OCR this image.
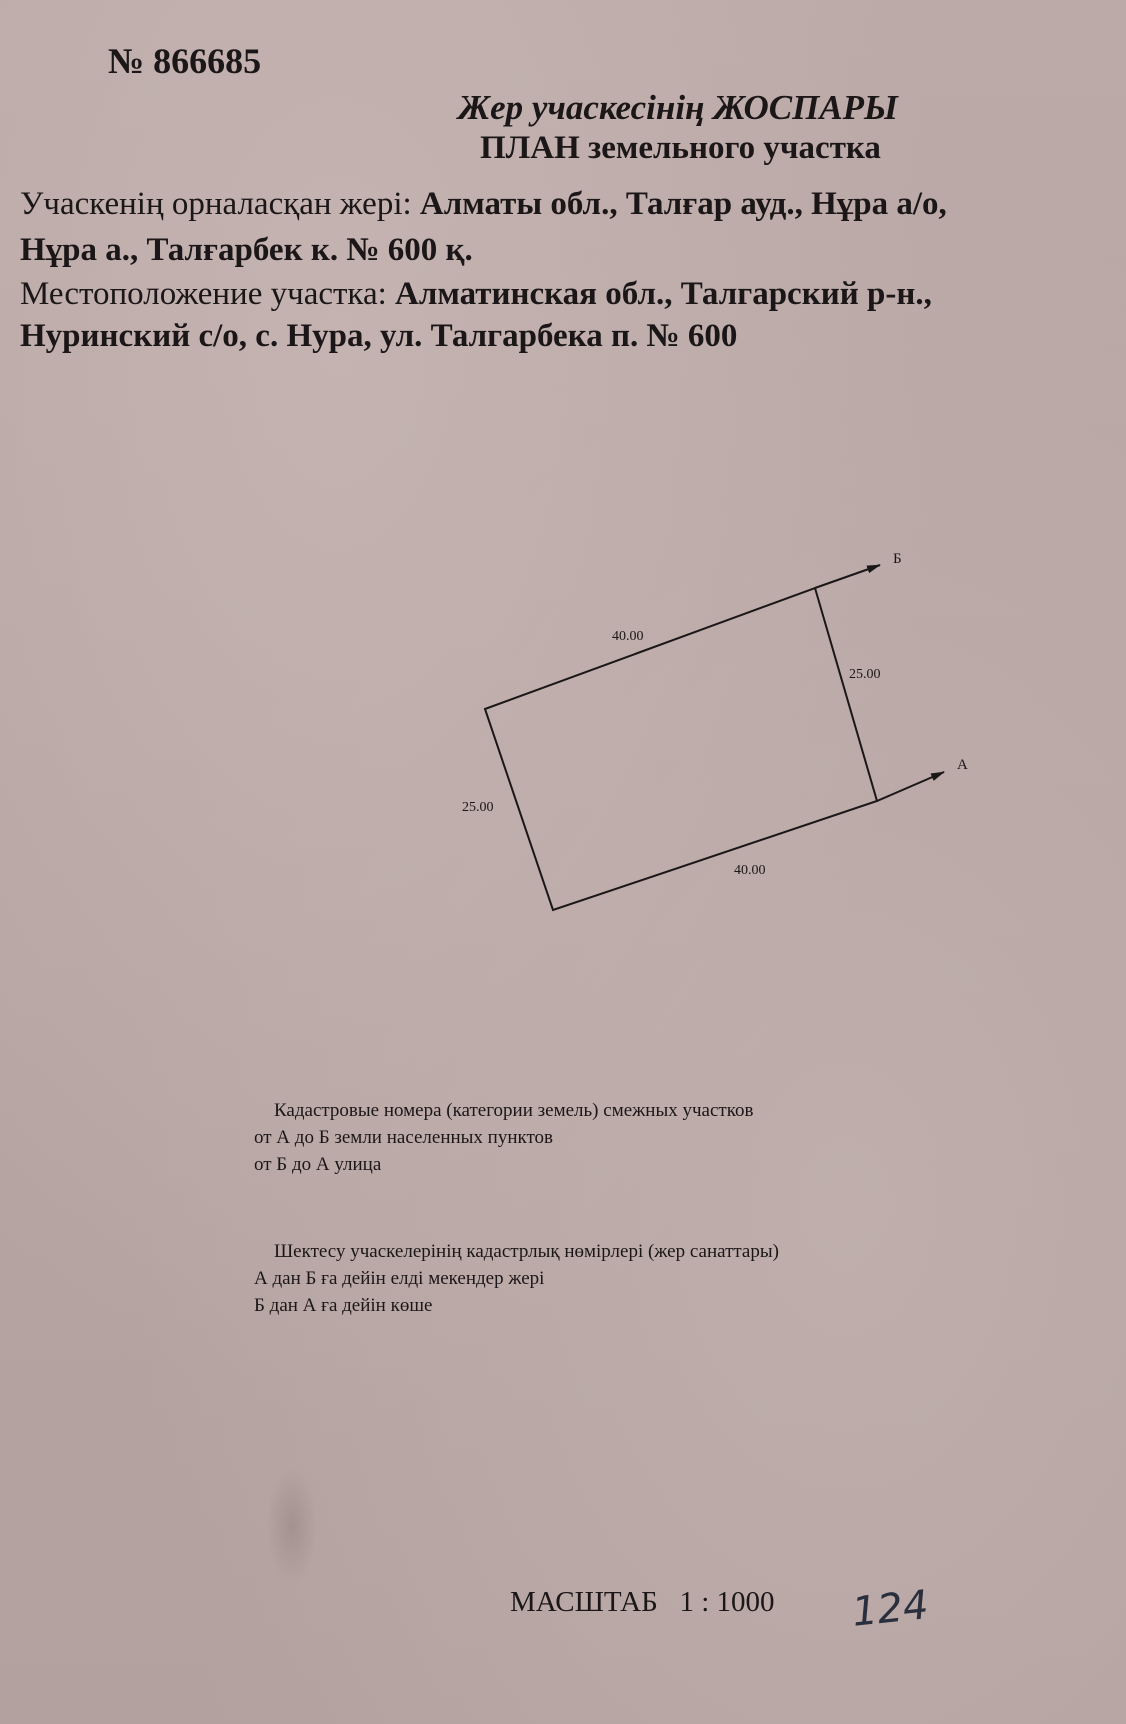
№ 866685
Жер учаскесінің ЖОСПАРЫ
ПЛАН земельного участка
Учаскенің орналасқан жері: Алматы обл., Талғар ауд., Нұра а/о,
Нұра а., Талғарбек к. № 600 қ.
Местоположение участка: Алматинская обл., Талгарский р-н.,
Нуринский с/о, с. Нура, ул. Талгарбека п. № 600
40.00
25.00
25.00
40.00
Б
А
Кадастровые номера (категории земель) смежных участков
от А до Б земли населенных пунктов
от Б до А улица
Шектесу учаскелерінің кадастрлық нөмірлері (жер санаттары)
А дан Б ға дейін елді мекендер жері
Б дан А ға дейін көше
МАСШТАБ 1 : 1000 124
